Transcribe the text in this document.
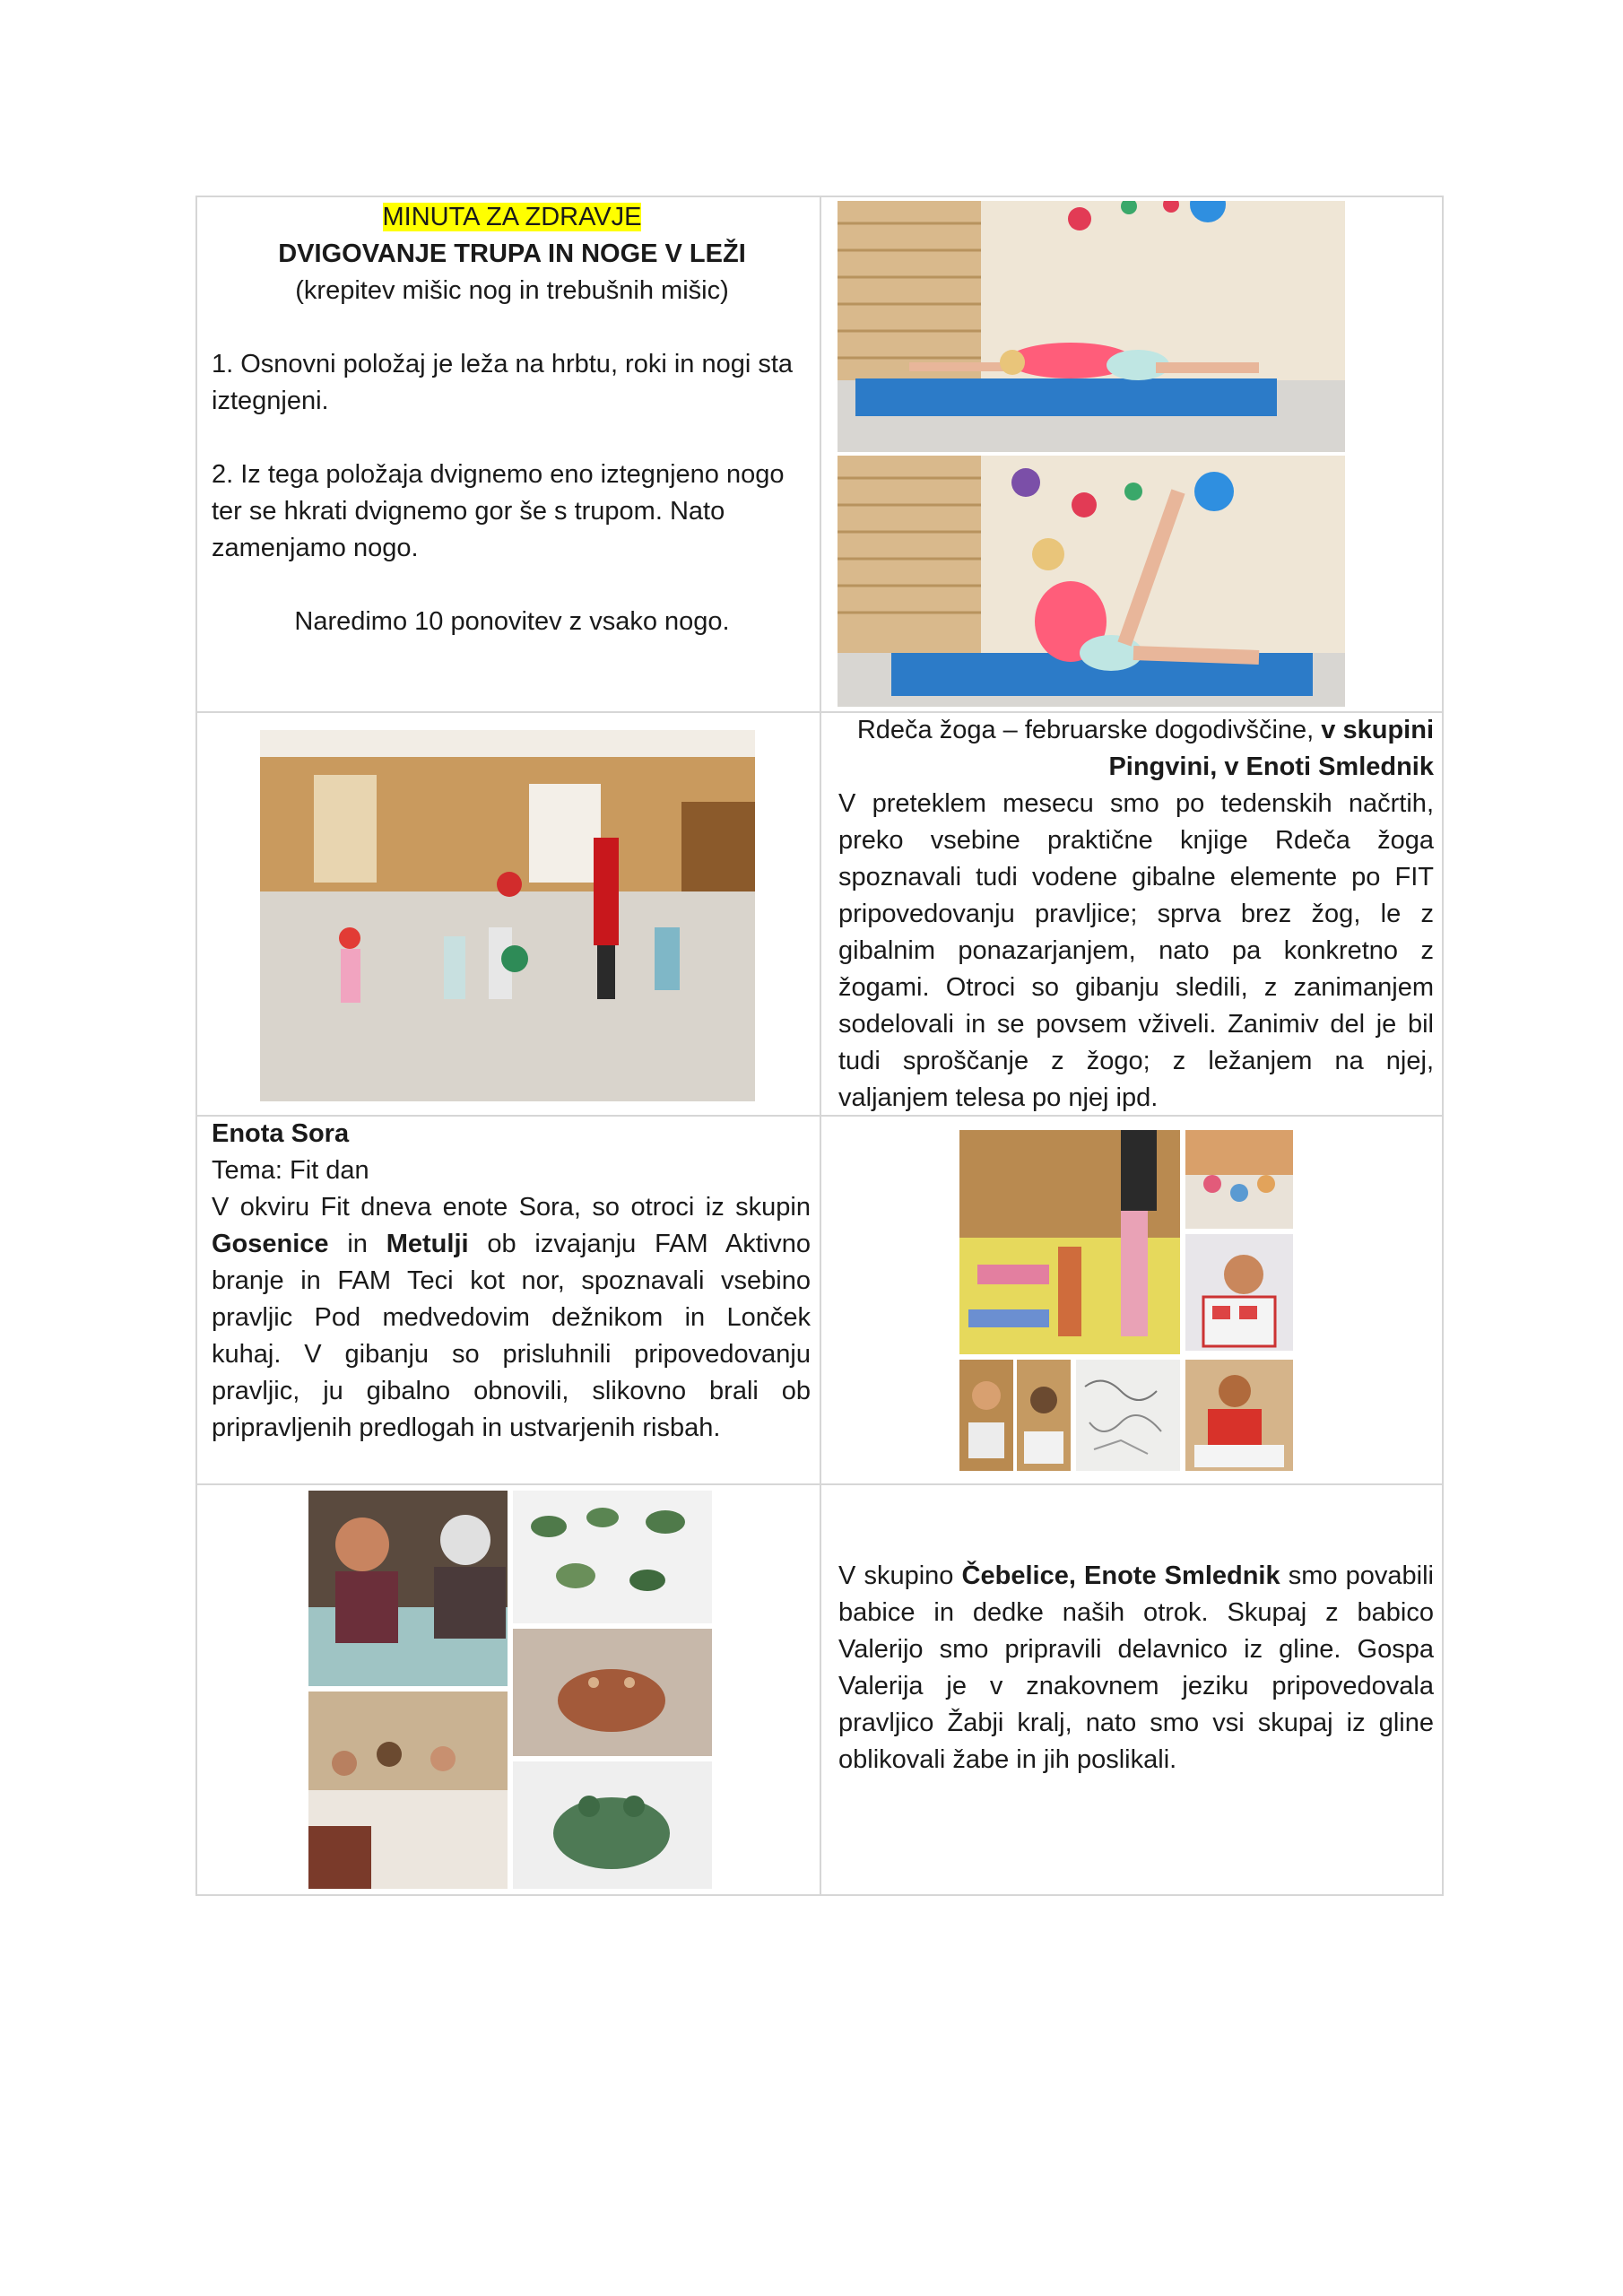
MINUTA ZA ZDRAVJE

DVIGOVANJE TRUPA IN NOGE V LEŽI

(krepitev mišic nog in trebušnih mišic)

1. Osnovni položaj je leža na hrbtu, roki in nogi sta iztegnjeni.

2. Iz tega položaja dvignemo eno iztegnjeno nogo ter se hkrati dvignemo gor še s trupom. Nato zamenjamo nogo.

Naredimo 10 ponovitev z vsako nogo.

Rdeča žoga – februarske dogodivščine, v skupini Pingvini, v Enoti Smlednik

V preteklem mesecu smo po tedenskih načrtih, preko vsebine praktične knjige Rdeča žoga spoznavali tudi vodene gibalne elemente po FIT pripovedovanju pravljice; sprva brez žog, le z gibalnim ponazarjanjem, nato pa konkretno z žogami. Otroci so gibanju sledili, z zanimanjem sodelovali in se povsem vživeli. Zanimiv del je bil tudi sproščanje z žogo; z ležanjem na njej, valjanjem telesa po njej ipd.

Enota Sora

Tema: Fit dan

V okviru Fit dneva enote Sora, so otroci iz skupin Gosenice in Metulji ob izvajanju FAM Aktivno branje in FAM Teci kot nor, spoznavali vsebino pravljic Pod medvedovim dežnikom in Lonček kuhaj. V gibanju so prisluhnili pripovedovanju pravljic, ju gibalno obnovili, slikovno brali ob pripravljenih predlogah in ustvarjenih risbah.

V skupino Čebelice, Enote Smlednik smo povabili babice in dedke naših otrok. Skupaj z babico Valerijo smo pripravili delavnico iz gline. Gospa Valerija je v znakovnem jeziku pripovedovala pravljico Žabji kralj, nato smo vsi skupaj iz gline oblikovali žabe in jih poslikali.
